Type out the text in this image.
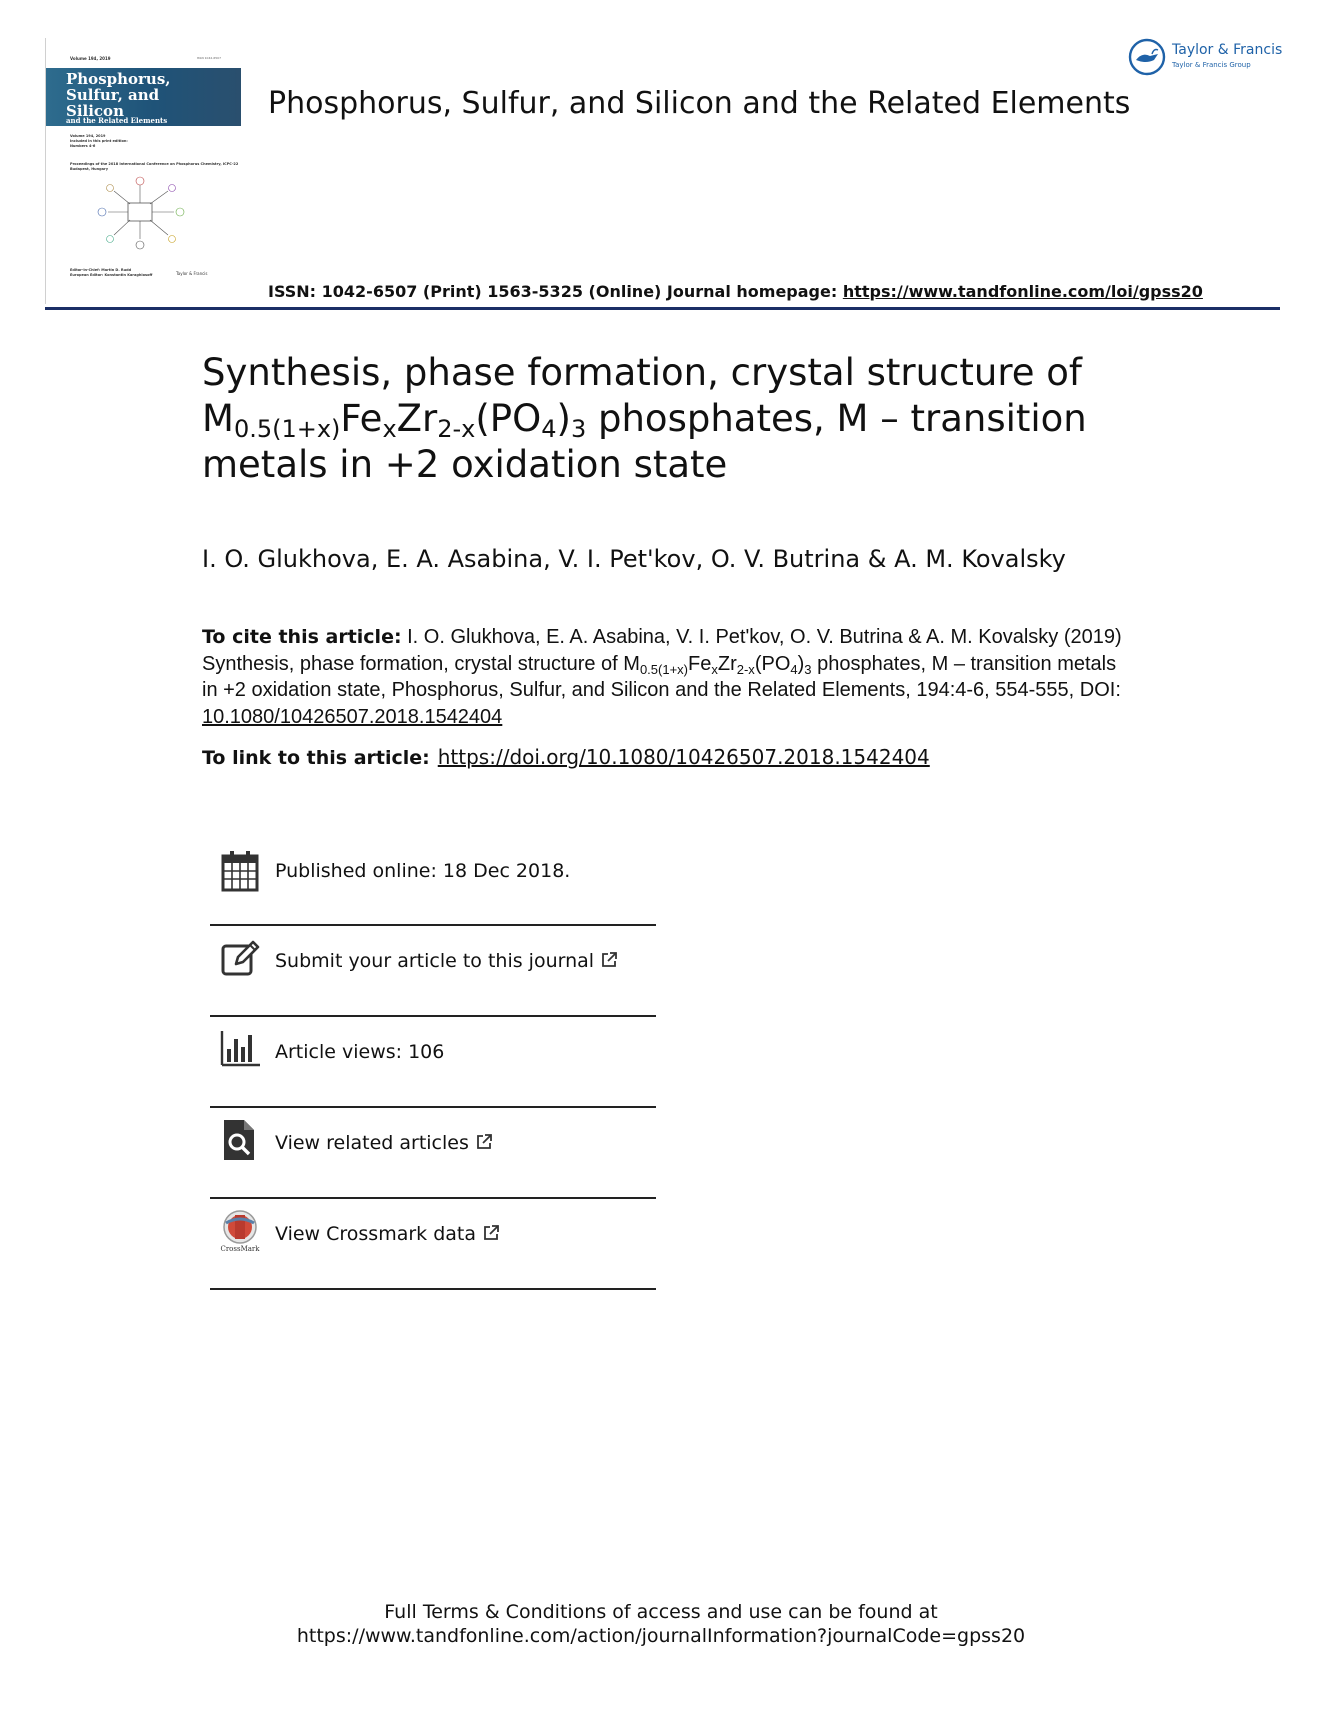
Volume 194, 2019	ISSN 1042-6507
Phosphorus,
Sulfur, and
Silicon
and the Related Elements
Volume 194, 2019
Included in this print edition:
Numbers 4-6
Proceedings of the 2018 International Conference on Phosphorus Chemistry, ICPC-22
Budapest, Hungary
Editor-in-Chief: Martin D. Rudd
European Editor: Konstantin Karaghiosoff	Taylor & Francis
Phosphorus, Sulfur, and Silicon and the Related Elements
Taylor & Francis
Taylor & Francis Group
ISSN: 1042-6507 (Print) 1563-5325 (Online) Journal homepage: https://www.tandfonline.com/loi/gpss20
Synthesis, phase formation, crystal structure of
$M_{0.5(1+x)}Fe_xZr_{2-x}(PO_4)_3$ phosphates, M – transition
metals in +2 oxidation state
I. O. Glukhova, E. A. Asabina, V. I. Pet'kov, O. V. Butrina & A. M. Kovalsky
To cite this article: I. O. Glukhova, E. A. Asabina, V. I. Pet'kov, O. V. Butrina & A. M. Kovalsky (2019) Synthesis, phase formation, crystal structure of $M_{0.5(1+x)}Fe_xZr_{2-x}(PO_4)_3$ phosphates, M – transition metals in +2 oxidation state, Phosphorus, Sulfur, and Silicon and the Related Elements, 194:4-6, 554-555, DOI: 10.1080/10426507.2018.1542404
To link to this article: https://doi.org/10.1080/10426507.2018.1542404
Published online: 18 Dec 2018.
Submit your article to this journal
Article views: 106
View related articles
CrossMark
View Crossmark data
Full Terms & Conditions of access and use can be found at
https://www.tandfonline.com/action/journalInformation?journalCode=gpss20
